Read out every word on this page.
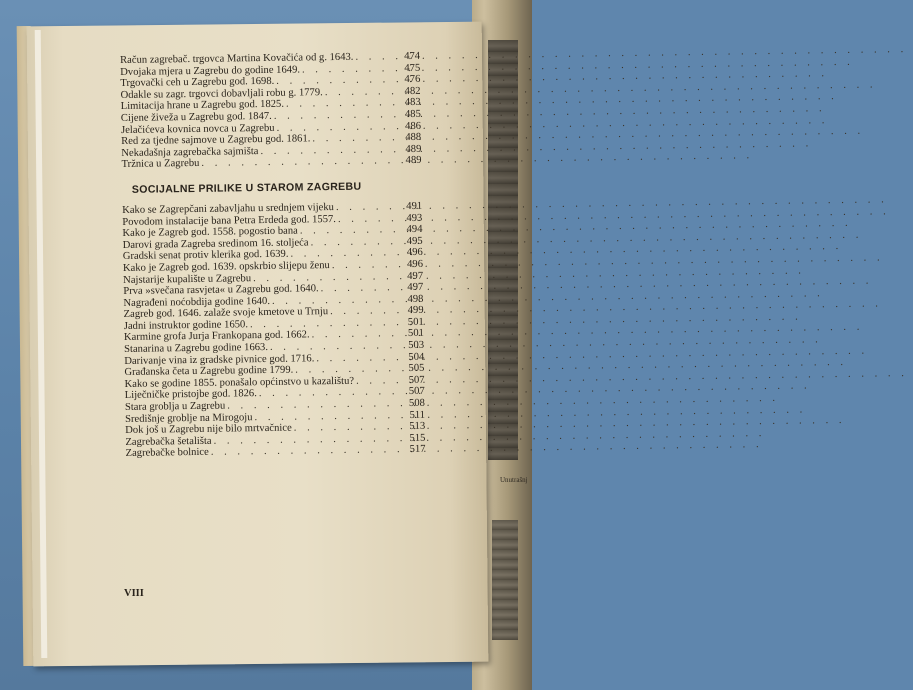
Unutrašnj
Račun zagrebač. trgovca Martina Kovačića od g. 1643. . . .	474
Dvojaka mjera u Zagrebu do godine 1649. . . .	475
Trgovački ceh u Zagrebu god. 1698. . . .	476
Odakle su zagr. trgovci dobavljali robu g. 1779. . . .	482
Limitacija hrane u Zagrebu god. 1825. . . .	483
Cijene živeža u Zagrebu god. 1847. . . .	485
Jelačićeva kovnica novca u Zagrebu . . .	486
Red za tjedne sajmove u Zagrebu god. 1861. . . .	488
Nekadašnja zagrebačka sajmišta . . .	489
Tržnica u Zagrebu . . .	489
SOCIJALNE PRILIKE U STAROM ZAGREBU
Kako se Zagrepčani zabavljahu u srednjem vijeku . . .	491
Povodom instalacije bana Petra Erdeda god. 1557. . . .	493
Kako je Zagreb god. 1558. pogostio bana . . .	494
Darovi grada Zagreba sredinom 16. stoljeća . . .	495
Gradski senat protiv klerika god. 1639. . . .	496
Kako je Zagreb god. 1639. opskrbio slijepu ženu . . .	496
Najstarije kupalište u Zagrebu . . .	497
Prva »svečana rasvjeta« u Zagrebu god. 1640. . . .	497
Nagrađeni noćobdija godine 1640. . . .	498
Zagreb god. 1646. zalaže svoje kmetove u Trnju . . .	499
Jadni instruktor godine 1650. . . .	501
Karmine grofa Jurja Frankopana god. 1662. . . .	501
Stanarina u Zagrebu godine 1663. . . .	503
Darivanje vina iz gradske pivnice god. 1716. . . .	504
Građanska četa u Zagrebu godine 1799. . . .	505
Kako se godine 1855. ponašalo općinstvo u kazalištu? . . .	507
Liječničke pristojbe god. 1826. . . .	507
Stara groblja u Zagrebu . . .	508
Središnje groblje na Mirogoju . . .	511
Dok još u Zagrebu nije bilo mrtvačnice . . .	513
Zagrebačka šetališta . . .	515
Zagrebačke bolnice . . .	517
VIII
